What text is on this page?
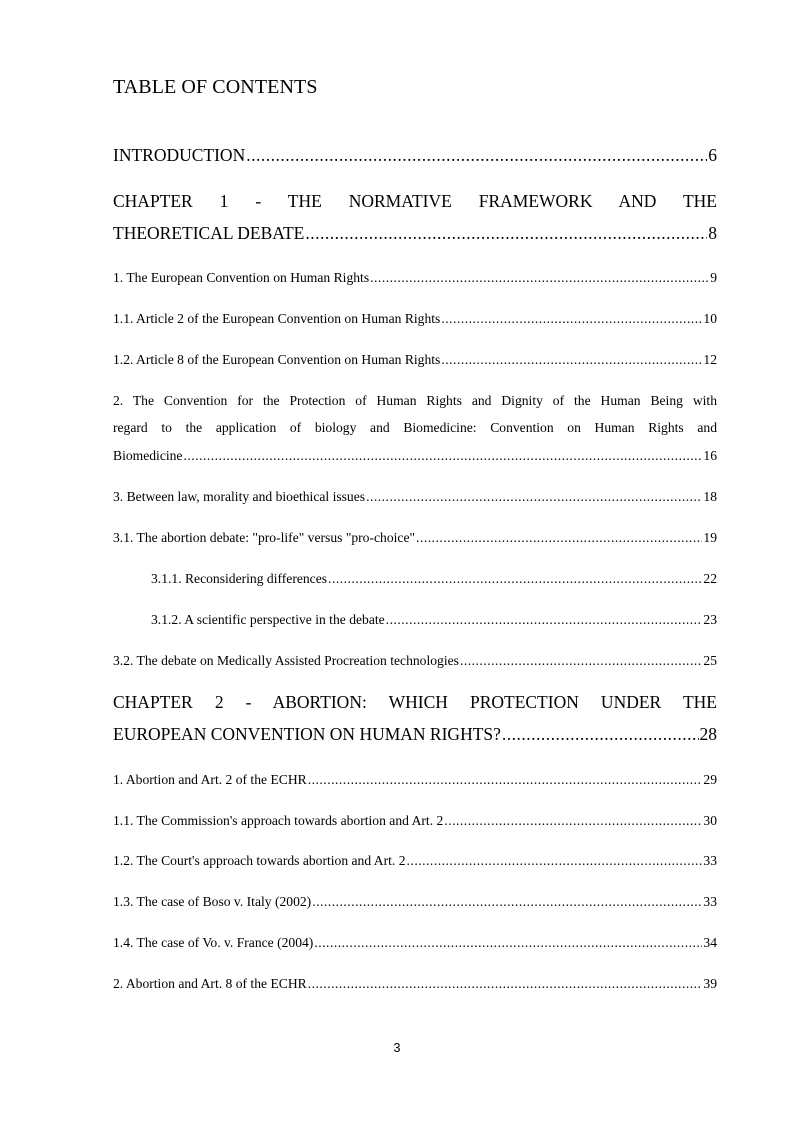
TABLE OF CONTENTS
INTRODUCTION .....	6
CHAPTER 1 - THE NORMATIVE FRAMEWORK AND THE
THEORETICAL DEBATE .....	8
1. The European Convention on Human Rights .....	9
1.1. Article 2 of the European Convention on Human Rights .....	10
1.2. Article 8 of the European Convention on Human Rights .....	12
2. The Convention for the Protection of Human Rights and Dignity of the Human Being with
regard to the application of biology and Biomedicine: Convention on Human Rights and
Biomedicine .....	16
3. Between law, morality and bioethical issues .....	18
3.1. The abortion debate: "pro-life" versus "pro-choice" .....	19
3.1.1. Reconsidering differences .....	22
3.1.2. A scientific perspective in the debate .....	23
3.2. The debate on Medically Assisted Procreation technologies .....	25
CHAPTER 2 - ABORTION: WHICH PROTECTION UNDER THE
EUROPEAN CONVENTION ON HUMAN RIGHTS? .....	28
1. Abortion and Art. 2 of the ECHR .....	29
1.1. The Commission's approach towards abortion and Art. 2 .....	30
1.2. The Court's approach towards abortion and Art. 2 .....	33
1.3. The case of Boso v. Italy (2002) .....	33
1.4. The case of Vo. v. France (2004) .....	34
2. Abortion and Art. 8 of the ECHR .....	39
3
